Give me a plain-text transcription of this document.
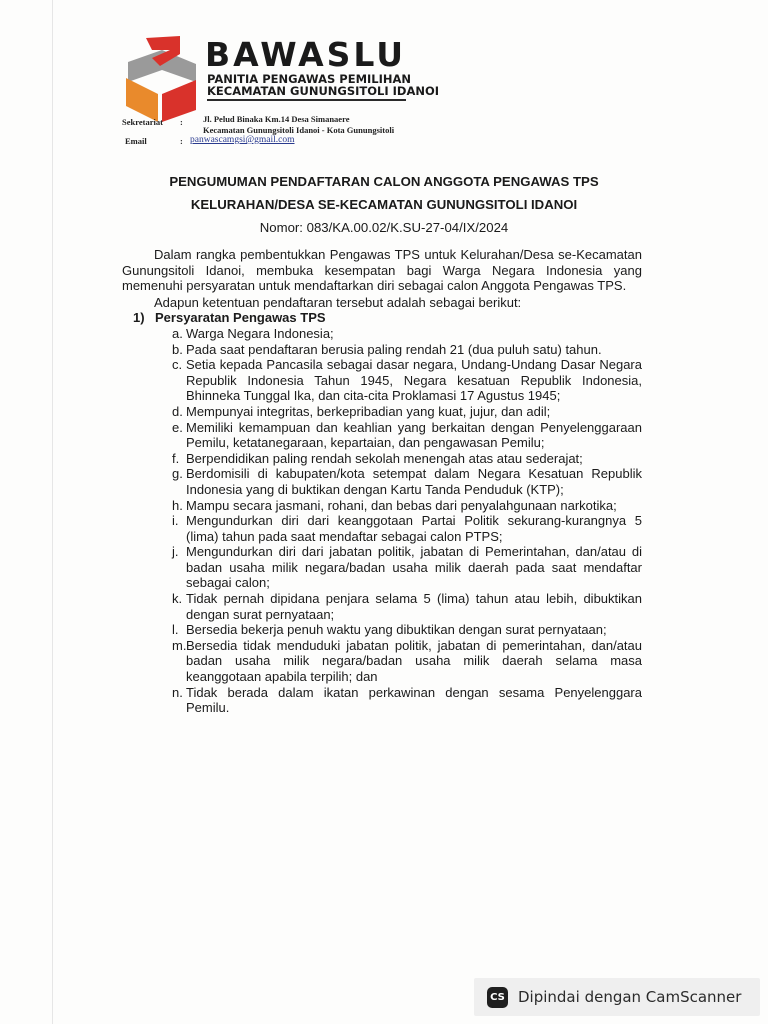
BAWASLU
PANITIA PENGAWAS PEMILIHAN
KECAMATAN GUNUNGSITOLI IDANOI
Sekretariat : Jl. Pelud Binaka Km.14 Desa Simanaere
Kecamatan Gunungsitoli Idanoi - Kota Gunungsitoli
Email	: panwascamgsi@gmail.com
PENGUMUMAN PENDAFTARAN CALON ANGGOTA PENGAWAS TPS
KELURAHAN/DESA SE-KECAMATAN GUNUNGSITOLI IDANOI
Nomor: 083/KA.00.02/K.SU-27-04/IX/2024

Dalam rangka pembentukkan Pengawas TPS untuk Kelurahan/Desa se-Kecamatan Gunungsitoli Idanoi, membuka kesempatan bagi Warga Negara Indonesia yang memenuhi persyaratan untuk mendaftarkan diri sebagai calon Anggota Pengawas TPS.

Adapun ketentuan pendaftaran tersebut adalah sebagai berikut:
1) Persyaratan Pengawas TPS
a. Warga Negara Indonesia;
b. Pada saat pendaftaran berusia paling rendah 21 (dua puluh satu) tahun.
c. Setia kepada Pancasila sebagai dasar negara, Undang-Undang Dasar Negara Republik Indonesia Tahun 1945, Negara kesatuan Republik Indonesia, Bhinneka Tunggal Ika, dan cita-cita Proklamasi 17 Agustus 1945;
d. Mempunyai integritas, berkepribadian yang kuat, jujur, dan adil;
e. Memiliki kemampuan dan keahlian yang berkaitan dengan Penyelenggaraan Pemilu, ketatanegaraan, kepartaian, dan pengawasan Pemilu;
f. Berpendidikan paling rendah sekolah menengah atas atau sederajat;
g. Berdomisili di kabupaten/kota setempat dalam Negara Kesatuan Republik Indonesia yang di buktikan dengan Kartu Tanda Penduduk (KTP);
h. Mampu secara jasmani, rohani, dan bebas dari penyalahgunaan narkotika;
i. Mengundurkan diri dari keanggotaan Partai Politik sekurang-kurangnya 5 (lima) tahun pada saat mendaftar sebagai calon PTPS;
j. Mengundurkan diri dari jabatan politik, jabatan di Pemerintahan, dan/atau di badan usaha milik negara/badan usaha milik daerah pada saat mendaftar sebagai calon;
k. Tidak pernah dipidana penjara selama 5 (lima) tahun atau lebih, dibuktikan dengan surat pernyataan;
l. Bersedia bekerja penuh waktu yang dibuktikan dengan surat pernyataan;
m. Bersedia tidak menduduki jabatan politik, jabatan di pemerintahan, dan/atau badan usaha milik negara/badan usaha milik daerah selama masa keanggotaan apabila terpilih; dan
n. Tidak berada dalam ikatan perkawinan dengan sesama Penyelenggara Pemilu.
CS Dipindai dengan CamScanner
